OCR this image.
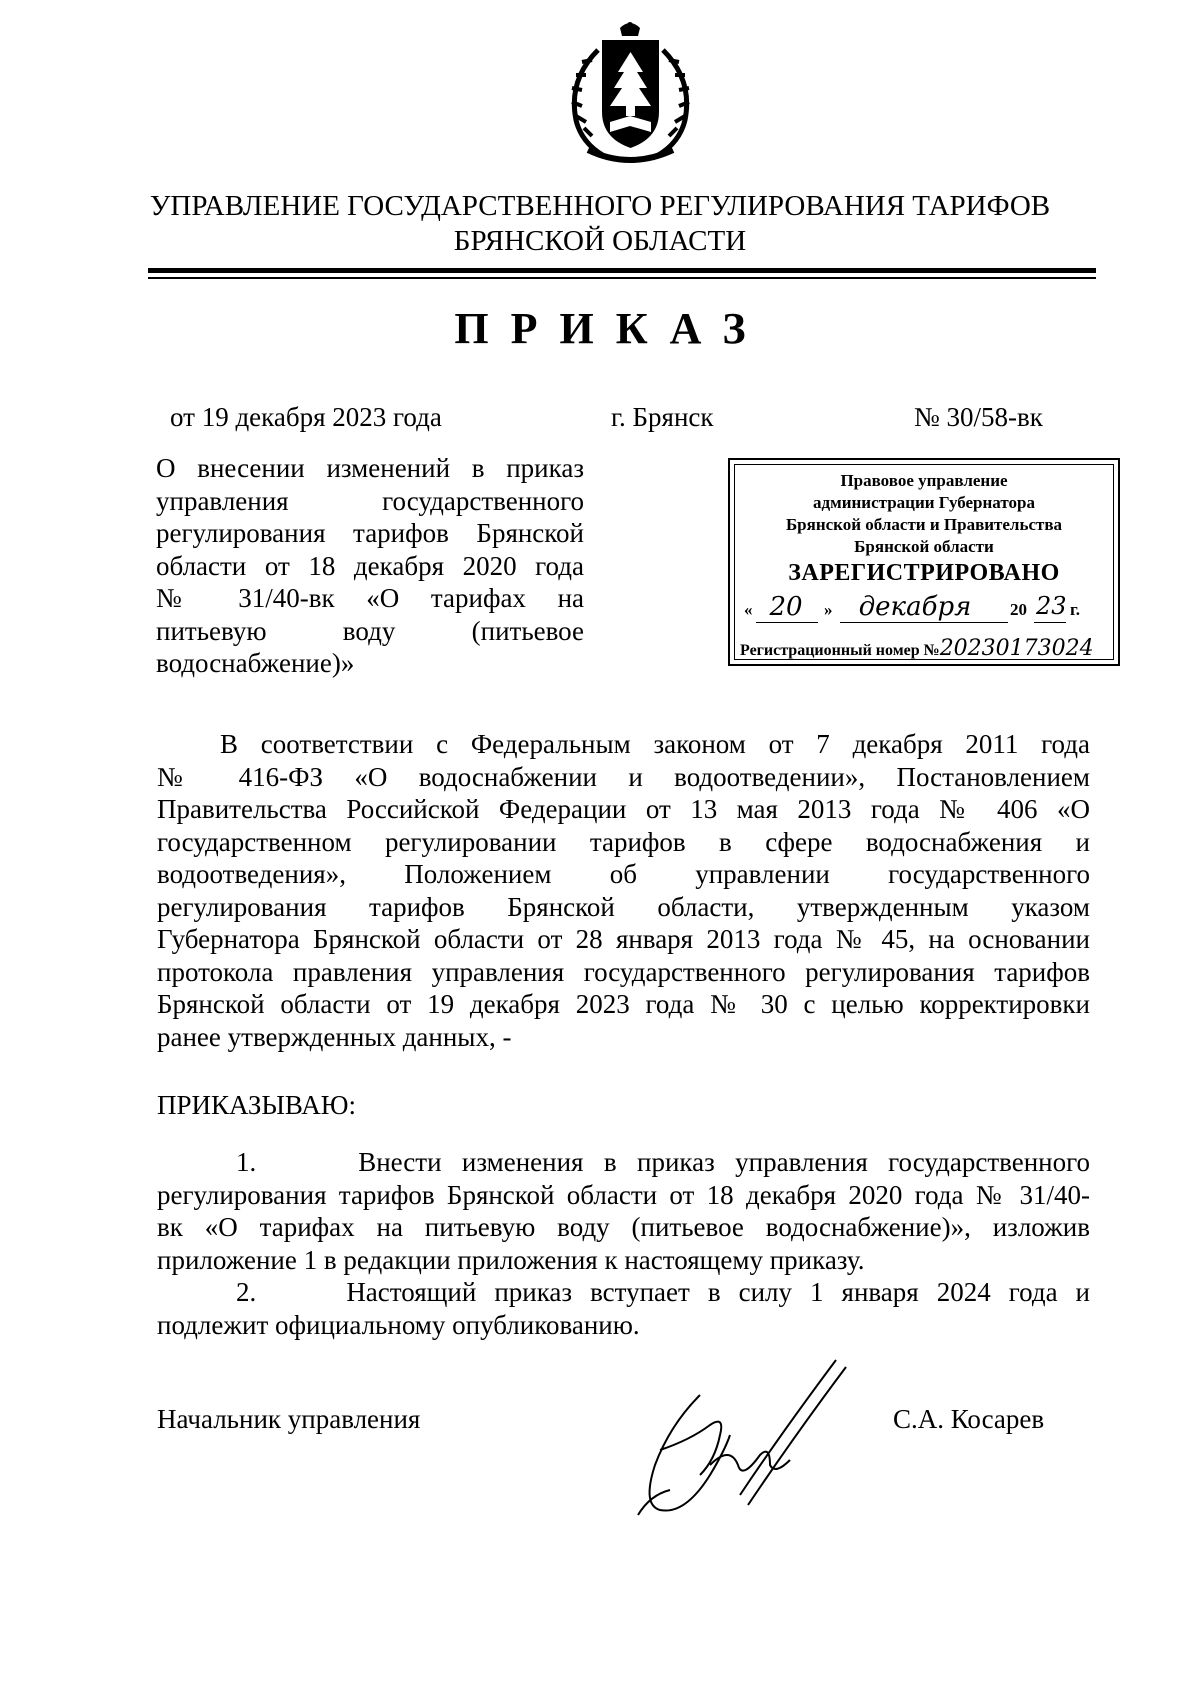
УПРАВЛЕНИЕ ГОСУДАРСТВЕННОГО РЕГУЛИРОВАНИЯ ТАРИФОВ
БРЯНСКОЙ ОБЛАСТИ
ПРИКАЗ
от 19 декабря 2023 года	г. Брянск	№ 30/58-вк
О внесении изменений в приказ
управления государственного
регулирования тарифов Брянской
области от 18 декабря 2020 года
№ 31/40-вк «О тарифах на
питьевую воду (питьевое
водоснабжение)»
Правовое управление
администрации Губернатора
Брянской области и Правительства
Брянской области
ЗАРЕГИСТРИРОВАНО
« 20	»	декабря	20 23 г.
Регистрационный номер №20230173024
В соответствии с Федеральным законом от 7 декабря 2011 года
№ 416-ФЗ «О водоснабжении и водоотведении», Постановлением
Правительства Российской Федерации от 13 мая 2013 года № 406 «О
государственном регулировании тарифов в сфере водоснабжения и
водоотведения», Положением об управлении государственного
регулирования тарифов Брянской области, утвержденным указом
Губернатора Брянской области от 28 января 2013 года № 45, на основании
протокола правления управления государственного регулирования тарифов
Брянской области от 19 декабря 2023 года № 30 с целью корректировки
ранее утвержденных данных, -
ПРИКАЗЫВАЮ:
1.	Внести изменения в приказ управления государственного
регулирования тарифов Брянской области от 18 декабря 2020 года № 31/40-
вк «О тарифах на питьевую воду (питьевое водоснабжение)», изложив
приложение 1 в редакции приложения к настоящему приказу.
2.	Настоящий приказ вступает в силу 1 января 2024 года и
подлежит официальному опубликованию.
Начальник управления	С.А. Косарев
